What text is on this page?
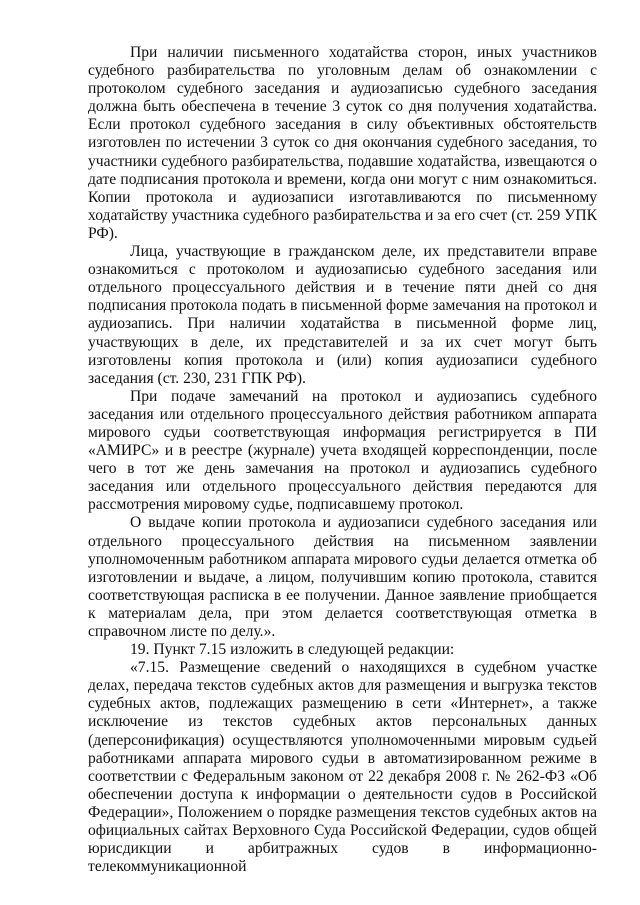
При наличии письменного ходатайства сторон, иных участников судебного разбирательства по уголовным делам об ознакомлении с протоколом судебного заседания и аудиозаписью судебного заседания должна быть обеспечена в течение 3 суток со дня получения ходатайства. Если протокол судебного заседания в силу объективных обстоятельств изготовлен по истечении 3 суток со дня окончания судебного заседания, то участники судебного разбирательства, подавшие ходатайства, извещаются о дате подписания протокола и времени, когда они могут с ним ознакомиться. Копии протокола и аудиозаписи изготавливаются по письменному ходатайству участника судебного разбирательства и за его счет (ст. 259 УПК РФ).

Лица, участвующие в гражданском деле, их представители вправе ознакомиться с протоколом и аудиозаписью судебного заседания или отдельного процессуального действия и в течение пяти дней со дня подписания протокола подать в письменной форме замечания на протокол и аудиозапись. При наличии ходатайства в письменной форме лиц, участвующих в деле, их представителей и за их счет могут быть изготовлены копия протокола и (или) копия аудиозаписи судебного заседания (ст. 230, 231 ГПК РФ).

При подаче замечаний на протокол и аудиозапись судебного заседания или отдельного процессуального действия работником аппарата мирового судьи соответствующая информация регистрируется в ПИ «АМИРС» и в реестре (журнале) учета входящей корреспонденции, после чего в тот же день замечания на протокол и аудиозапись судебного заседания или отдельного процессуального действия передаются для рассмотрения мировому судье, подписавшему протокол.

О выдаче копии протокола и аудиозаписи судебного заседания или отдельного процессуального действия на письменном заявлении уполномоченным работником аппарата мирового судьи делается отметка об изготовлении и выдаче, а лицом, получившим копию протокола, ставится соответствующая расписка в ее получении. Данное заявление приобщается к материалам дела, при этом делается соответствующая отметка в справочном листе по делу.».

19. Пункт 7.15 изложить в следующей редакции:

«7.15. Размещение сведений о находящихся в судебном участке делах, передача текстов судебных актов для размещения и выгрузка текстов судебных актов, подлежащих размещению в сети «Интернет», а также исключение из текстов судебных актов персональных данных (деперсонификация) осуществляются уполномоченными мировым судьей работниками аппарата мирового судьи в автоматизированном режиме в соответствии с Федеральным законом от 22 декабря 2008 г. № 262-ФЗ «Об обеспечении доступа к информации о деятельности судов в Российской Федерации», Положением о порядке размещения текстов судебных актов на официальных сайтах Верховного Суда Российской Федерации, судов общей юрисдикции и арбитражных судов в информационно-телекоммуникационной
